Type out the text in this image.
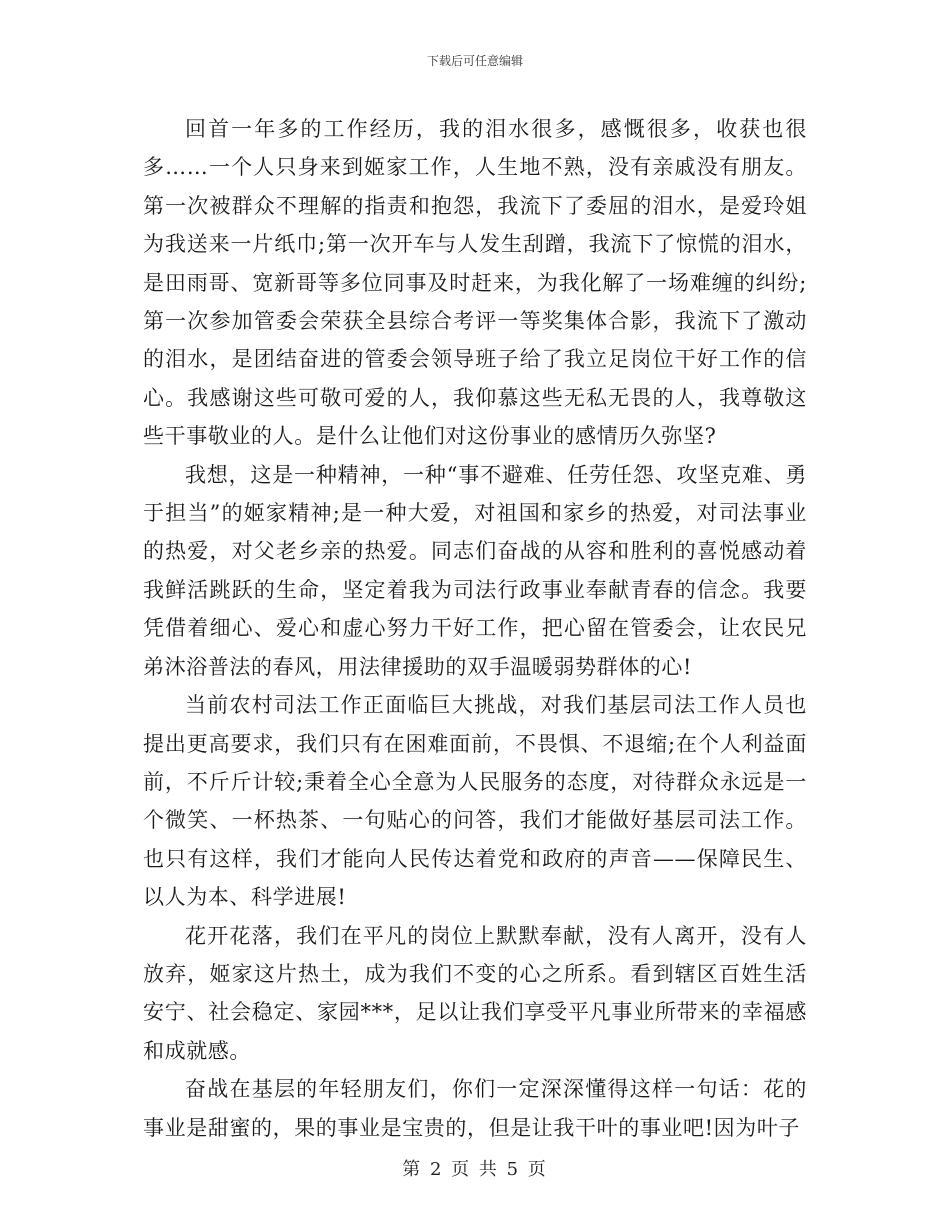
下载后可任意编辑

回首一年多的工作经历，我的泪水很多，感慨很多，收获也很多……一个人只身来到姬家工作，人生地不熟，没有亲戚没有朋友。第一次被群众不理解的指责和抱怨，我流下了委屈的泪水，是爱玲姐为我送来一片纸巾;第一次开车与人发生刮蹭，我流下了惊慌的泪水，是田雨哥、宽新哥等多位同事及时赶来，为我化解了一场难缠的纠纷;第一次参加管委会荣获全县综合考评一等奖集体合影，我流下了激动的泪水，是团结奋进的管委会领导班子给了我立足岗位干好工作的信心。我感谢这些可敬可爱的人，我仰慕这些无私无畏的人，我尊敬这些干事敬业的人。是什么让他们对这份事业的感情历久弥坚?

我想，这是一种精神，一种“事不避难、任劳任怨、攻坚克难、勇于担当”的姬家精神;是一种大爱，对祖国和家乡的热爱，对司法事业的热爱，对父老乡亲的热爱。同志们奋战的从容和胜利的喜悦感动着我鲜活跳跃的生命，坚定着我为司法行政事业奉献青春的信念。我要凭借着细心、爱心和虚心努力干好工作，把心留在管委会，让农民兄弟沐浴普法的春风，用法律援助的双手温暖弱势群体的心!

当前农村司法工作正面临巨大挑战，对我们基层司法工作人员也提出更高要求，我们只有在困难面前，不畏惧、不退缩;在个人利益面前，不斤斤计较;秉着全心全意为人民服务的态度，对待群众永远是一个微笑、一杯热茶、一句贴心的问答，我们才能做好基层司法工作。也只有这样，我们才能向人民传达着党和政府的声音——保障民生、以人为本、科学进展!

花开花落，我们在平凡的岗位上默默奉献，没有人离开，没有人放弃，姬家这片热土，成为我们不变的心之所系。看到辖区百姓生活安宁、社会稳定、家园***，足以让我们享受平凡事业所带来的幸福感和成就感。

奋战在基层的年轻朋友们，你们一定深深懂得这样一句话：花的事业是甜蜜的，果的事业是宝贵的，但是让我干叶的事业吧!因为叶子

第 2 页 共 5 页
